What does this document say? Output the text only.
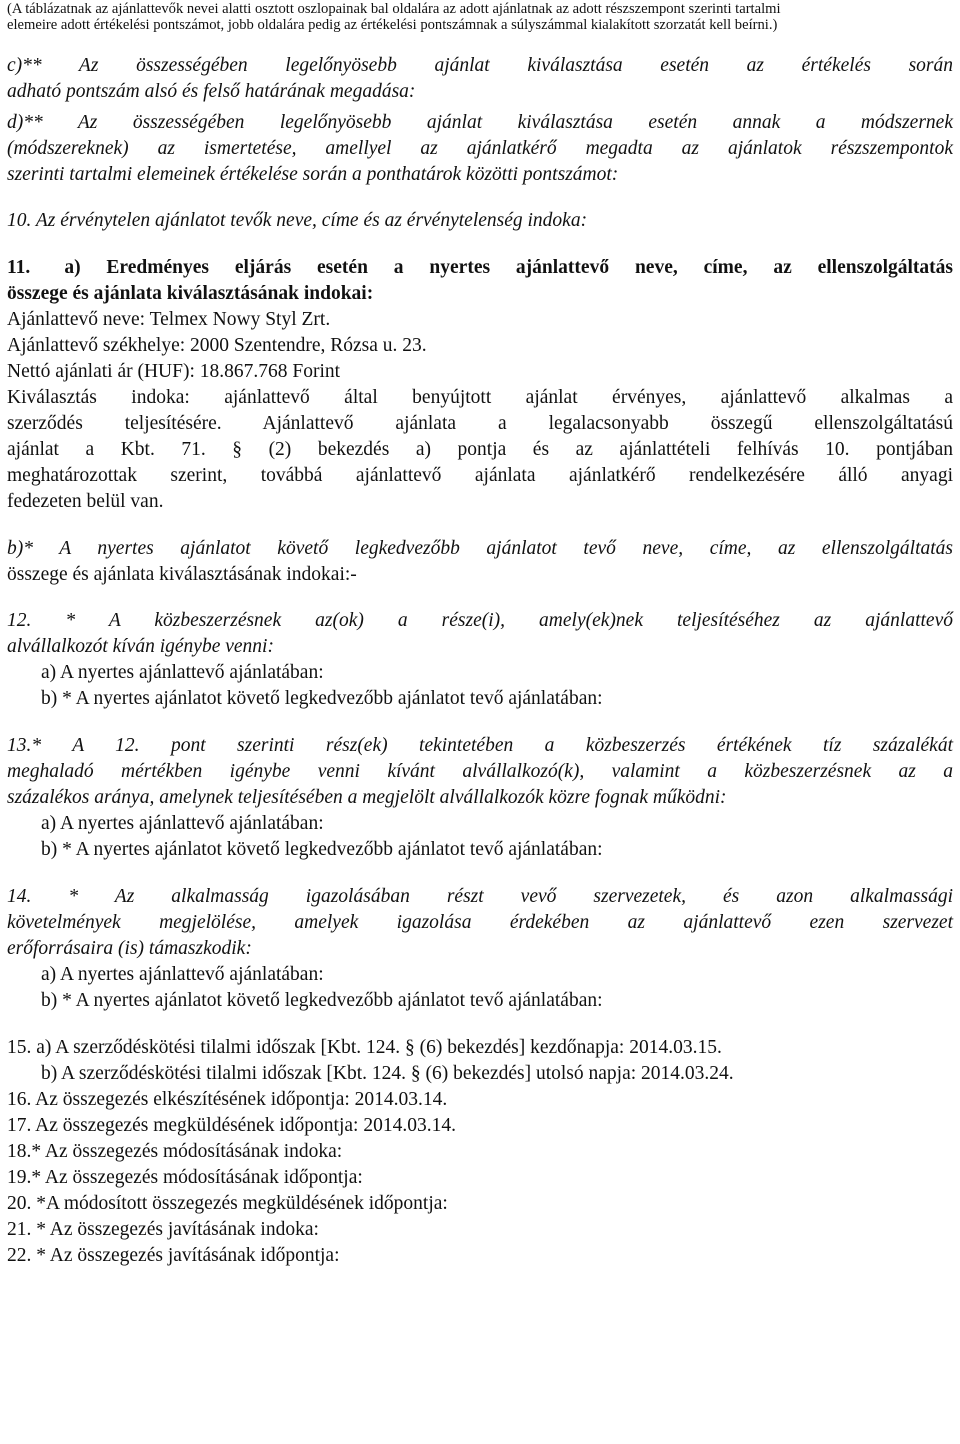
(A táblázatnak az ajánlattevők nevei alatti osztott oszlopainak bal oldalára az adott ajánlatnak az adott részszempont szerinti tartalmi
elemeire adott értékelési pontszámot, jobb oldalára pedig az értékelési pontszámnak a súlyszámmal kialakított szorzatát kell beírni.)

c)** Az összességében legelőnyösebb ajánlat kiválasztása esetén az értékelés során

adható pontszám alsó és felső határának megadása:

d)** Az összességében legelőnyösebb ajánlat kiválasztása esetén annak a módszernek

(módszereknek) az ismertetése, amellyel az ajánlatkérő megadta az ajánlatok részszempontok

szerinti tartalmi elemeinek értékelése során a ponthatárok közötti pontszámot:

10. Az érvénytelen ajánlatot tevők neve, címe és az érvénytelenség indoka:

11. a) Eredményes eljárás esetén a nyertes ajánlattevő neve, címe, az ellenszolgáltatás

összege és ajánlata kiválasztásának indokai:

Ajánlattevő neve: Telmex Nowy Styl Zrt.

Ajánlattevő székhelye: 2000 Szentendre, Rózsa u. 23.

Nettó ajánlati ár (HUF): 18.867.768 Forint

Kiválasztás indoka: ajánlattevő által benyújtott ajánlat érvényes, ajánlattevő alkalmas a

szerződés teljesítésére. Ajánlattevő ajánlata a legalacsonyabb összegű ellenszolgáltatású

ajánlat a Kbt. 71. § (2) bekezdés a) pontja és az ajánlattételi felhívás 10. pontjában

meghatározottak szerint, továbbá ajánlattevő ajánlata ajánlatkérő rendelkezésére álló anyagi

fedezeten belül van.

b)* A nyertes ajánlatot követő legkedvezőbb ajánlatot tevő neve, címe, az ellenszolgáltatás

összege és ajánlata kiválasztásának indokai:-

12. * A közbeszerzésnek az(ok) a része(i), amely(ek)nek teljesítéséhez az ajánlattevő

alvállalkozót kíván igénybe venni:

a) A nyertes ajánlattevő ajánlatában:

b) * A nyertes ajánlatot követő legkedvezőbb ajánlatot tevő ajánlatában:

13.* A 12. pont szerinti rész(ek) tekintetében a közbeszerzés értékének tíz százalékát

meghaladó mértékben igénybe venni kívánt alvállalkozó(k), valamint a közbeszerzésnek az a

százalékos aránya, amelynek teljesítésében a megjelölt alvállalkozók közre fognak működni:

a) A nyertes ajánlattevő ajánlatában:

b) * A nyertes ajánlatot követő legkedvezőbb ajánlatot tevő ajánlatában:

14. * Az alkalmasság igazolásában részt vevő szervezetek, és azon alkalmassági

követelmények megjelölése, amelyek igazolása érdekében az ajánlattevő ezen szervezet

erőforrásaira (is) támaszkodik:

a) A nyertes ajánlattevő ajánlatában:

b) * A nyertes ajánlatot követő legkedvezőbb ajánlatot tevő ajánlatában:

15. a) A szerződéskötési tilalmi időszak [Kbt. 124. § (6) bekezdés] kezdőnapja: 2014.03.15.

b) A szerződéskötési tilalmi időszak [Kbt. 124. § (6) bekezdés] utolsó napja: 2014.03.24.

16. Az összegezés elkészítésének időpontja: 2014.03.14.

17. Az összegezés megküldésének időpontja: 2014.03.14.

18.* Az összegezés módosításának indoka:

19.* Az összegezés módosításának időpontja:

20. *A módosított összegezés megküldésének időpontja:

21. * Az összegezés javításának indoka:

22. * Az összegezés javításának időpontja:
